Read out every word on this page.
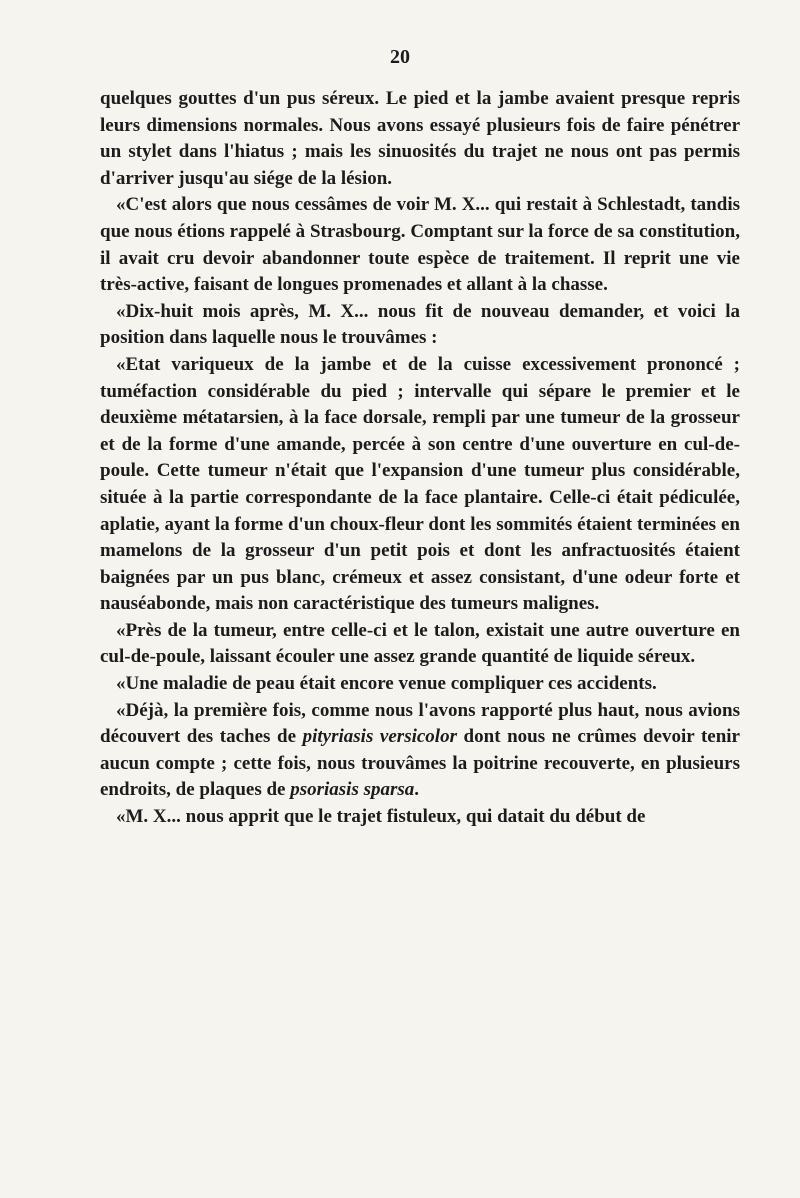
20

quelques gouttes d'un pus séreux. Le pied et la jambe avaient presque repris leurs dimensions normales. Nous avons essayé plusieurs fois de faire pénétrer un stylet dans l'hiatus ; mais les sinuosités du trajet ne nous ont pas permis d'arriver jusqu'au siége de la lésion.

«C'est alors que nous cessâmes de voir M. X... qui restait à Schlestadt, tandis que nous étions rappelé à Strasbourg. Comptant sur la force de sa constitution, il avait cru devoir abandonner toute espèce de traitement. Il reprit une vie très-active, faisant de longues promenades et allant à la chasse.

«Dix-huit mois après, M. X... nous fit de nouveau demander, et voici la position dans laquelle nous le trouvâmes :

«Etat variqueux de la jambe et de la cuisse excessivement prononcé ; tuméfaction considérable du pied ; intervalle qui sépare le premier et le deuxième métatarsien, à la face dorsale, rempli par une tumeur de la grosseur et de la forme d'une amande, percée à son centre d'une ouverture en cul-de-poule. Cette tumeur n'était que l'expansion d'une tumeur plus considérable, située à la partie correspondante de la face plantaire. Celle-ci était pédiculée, aplatie, ayant la forme d'un choux-fleur dont les sommités étaient terminées en mamelons de la grosseur d'un petit pois et dont les anfractuosités étaient baignées par un pus blanc, crémeux et assez consistant, d'une odeur forte et nauséabonde, mais non caractéristique des tumeurs malignes.

«Près de la tumeur, entre celle-ci et le talon, existait une autre ouverture en cul-de-poule, laissant écouler une assez grande quantité de liquide séreux.

«Une maladie de peau était encore venue compliquer ces accidents.

«Déjà, la première fois, comme nous l'avons rapporté plus haut, nous avions découvert des taches de pityriasis versicolor dont nous ne crûmes devoir tenir aucun compte ; cette fois, nous trouvâmes la poitrine recouverte, en plusieurs endroits, de plaques de psoriasis sparsa.

«M. X... nous apprit que le trajet fistuleux, qui datait du début de
